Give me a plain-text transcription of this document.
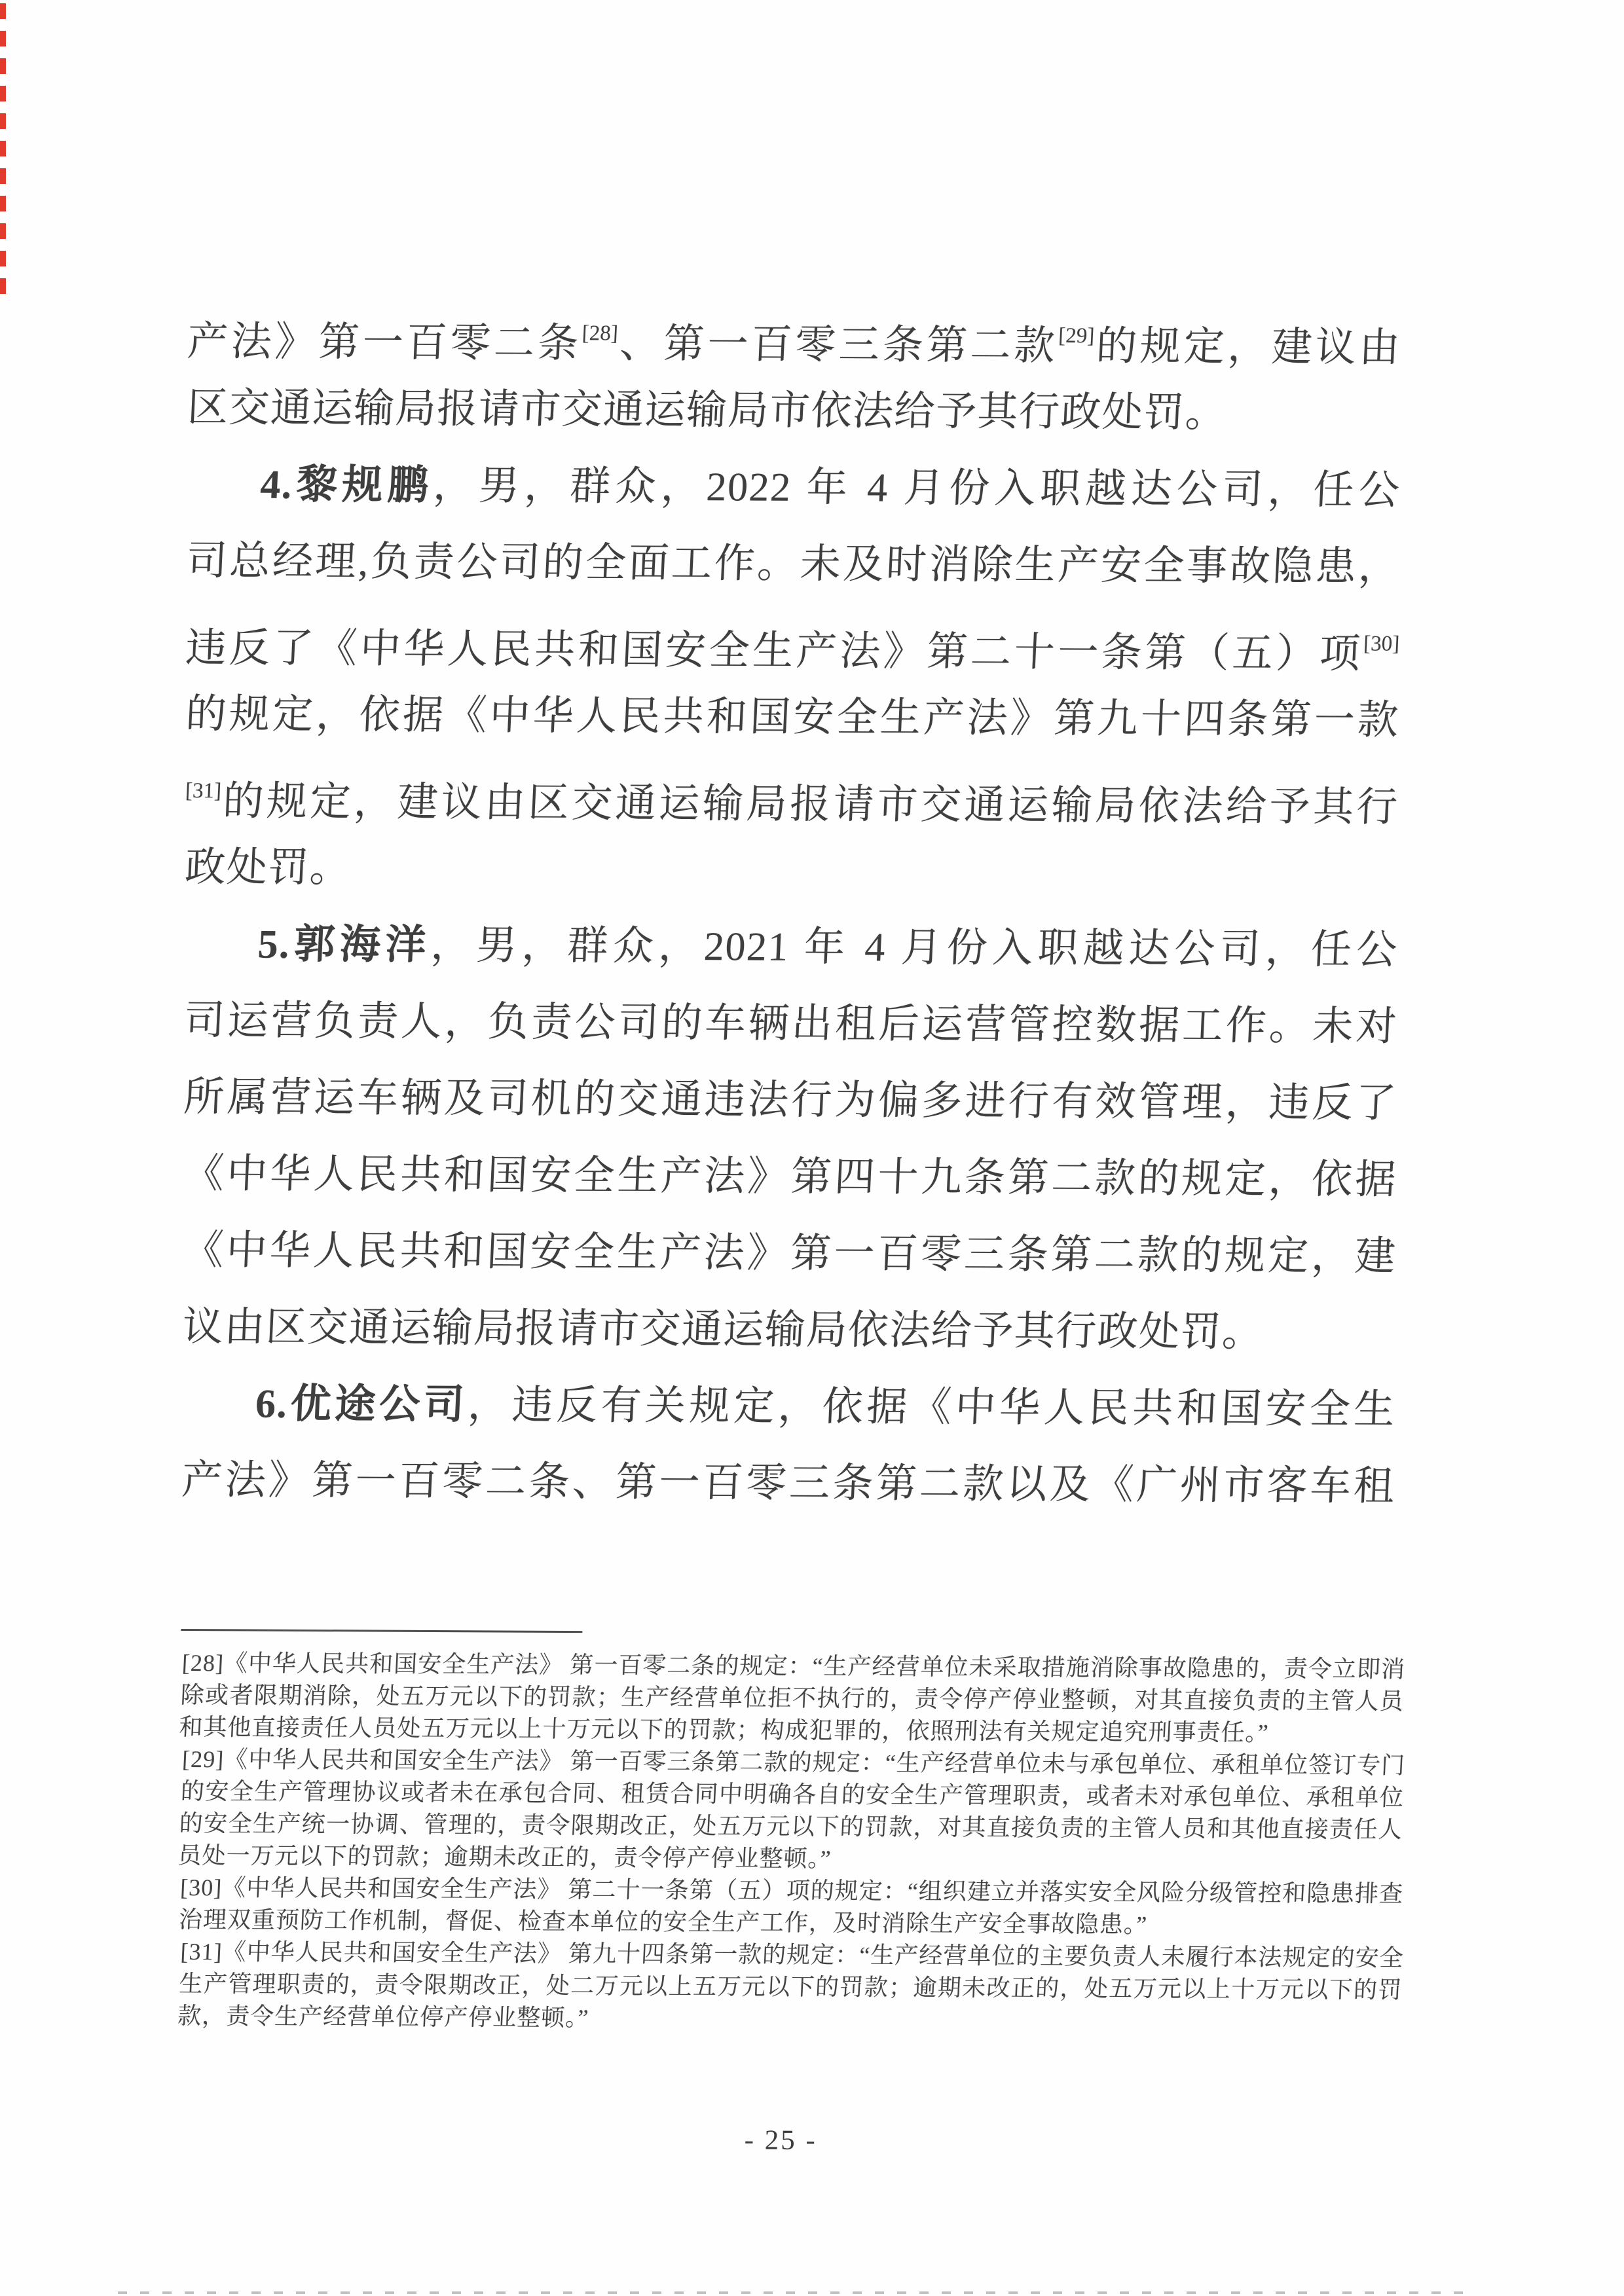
产法》第一百零二条[28]、第一百零三条第二款[29]的规定，建议由
区交通运输局报请市交通运输局市依法给予其行政处罚。
4.黎规鹏，男，群众，2022 年 4 月份入职越达公司，任公
司总经理,负责公司的全面工作。未及时消除生产安全事故隐患，
违反了《中华人民共和国安全生产法》第二十一条第（五）项[30]
的规定，依据《中华人民共和国安全生产法》第九十四条第一款
[31]的规定，建议由区交通运输局报请市交通运输局依法给予其行
政处罚。
5.郭海洋，男，群众，2021 年 4 月份入职越达公司，任公
司运营负责人，负责公司的车辆出租后运营管控数据工作。未对
所属营运车辆及司机的交通违法行为偏多进行有效管理，违反了
《中华人民共和国安全生产法》第四十九条第二款的规定，依据
《中华人民共和国安全生产法》第一百零三条第二款的规定，建
议由区交通运输局报请市交通运输局依法给予其行政处罚。
6.优途公司，违反有关规定，依据《中华人民共和国安全生
产法》第一百零二条、第一百零三条第二款以及《广州市客车租

[28]《中华人民共和国安全生产法》 第一百零二条的规定：“生产经营单位未采取措施消除事故隐患的，责令立即消除或者限期消除，处五万元以下的罚款；生产经营单位拒不执行的，责令停产停业整顿，对其直接负责的主管人员和其他直接责任人员处五万元以上十万元以下的罚款；构成犯罪的，依照刑法有关规定追究刑事责任。”

[29]《中华人民共和国安全生产法》 第一百零三条第二款的规定：“生产经营单位未与承包单位、承租单位签订专门的安全生产管理协议或者未在承包合同、租赁合同中明确各自的安全生产管理职责，或者未对承包单位、承租单位的安全生产统一协调、管理的，责令限期改正，处五万元以下的罚款，对其直接负责的主管人员和其他直接责任人员处一万元以下的罚款；逾期未改正的，责令停产停业整顿。”

[30]《中华人民共和国安全生产法》 第二十一条第（五）项的规定：“组织建立并落实安全风险分级管控和隐患排查治理双重预防工作机制，督促、检查本单位的安全生产工作，及时消除生产安全事故隐患。”

[31]《中华人民共和国安全生产法》 第九十四条第一款的规定：“生产经营单位的主要负责人未履行本法规定的安全生产管理职责的，责令限期改正，处二万元以上五万元以下的罚款；逾期未改正的，处五万元以上十万元以下的罚款，责令生产经营单位停产停业整顿。”

- 25 -
